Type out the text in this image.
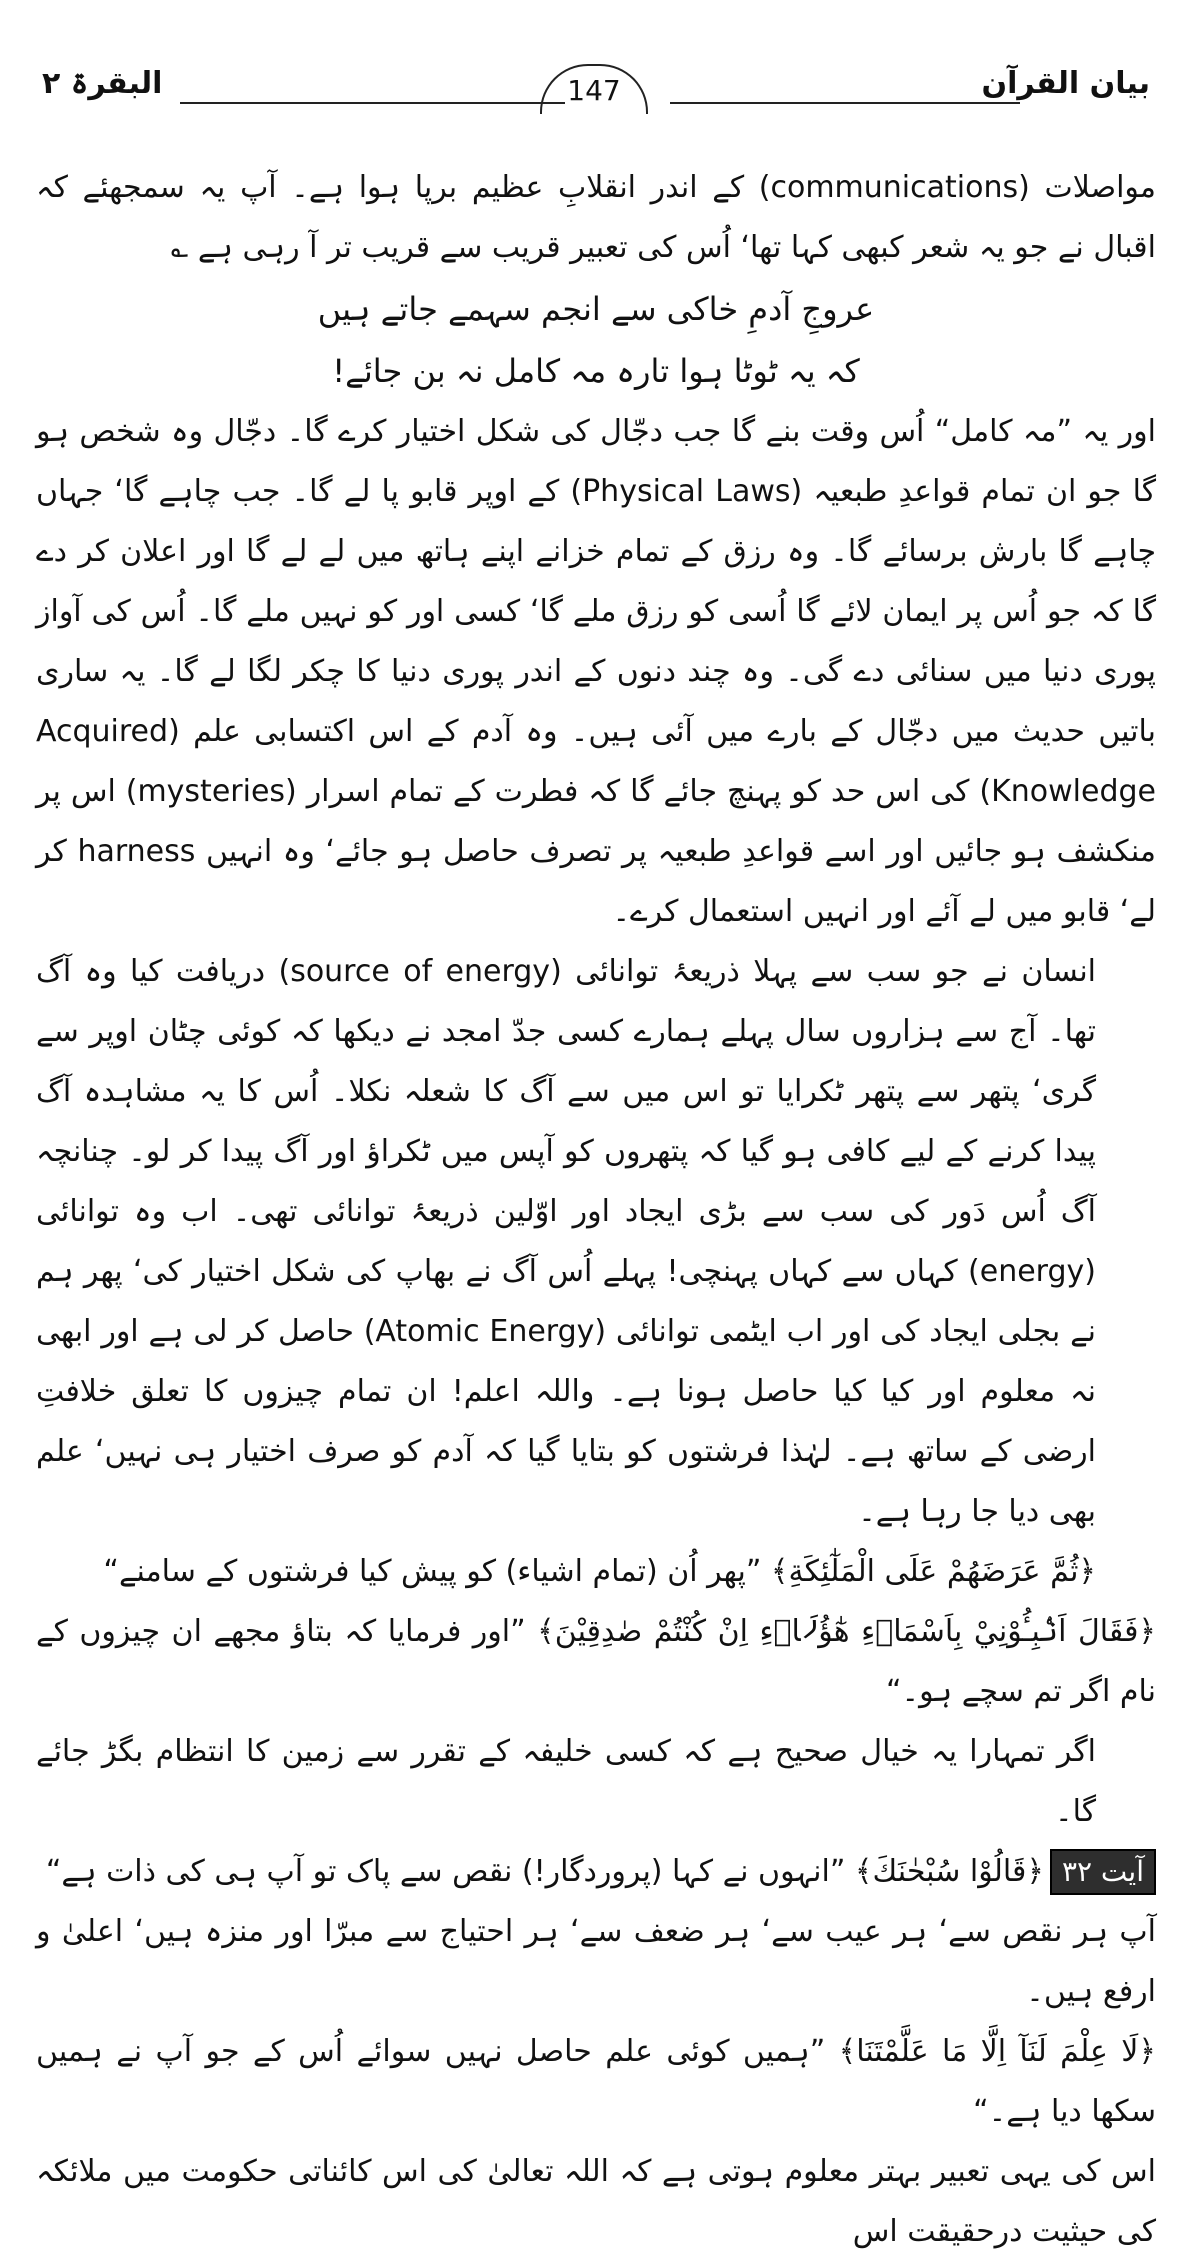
البقرۃ ۲	بیان القرآن
147

مواصلات (communications) کے اندر انقلابِ عظیم برپا ہوا ہے۔ آپ یہ سمجھئے کہ اقبال نے جو یہ شعر کبھی کہا تھا‘ اُس کی تعبیر قریب سے قریب تر آ رہی ہے ؎

عروجِ آدمِ خاکی سے انجم سہمے جاتے ہیں

کہ یہ ٹوٹا ہوا تارہ مہ کامل نہ بن جائے!

اور یہ ”مہ کامل“ اُس وقت بنے گا جب دجّال کی شکل اختیار کرے گا۔ دجّال وہ شخص ہو گا جو ان تمام قواعدِ طبعیہ (Physical Laws) کے اوپر قابو پا لے گا۔ جب چاہے گا‘ جہاں چاہے گا بارش برسائے گا۔ وہ رزق کے تمام خزانے اپنے ہاتھ میں لے لے گا اور اعلان کر دے گا کہ جو اُس پر ایمان لائے گا اُسی کو رزق ملے گا‘ کسی اور کو نہیں ملے گا۔ اُس کی آواز پوری دنیا میں سنائی دے گی۔ وہ چند دنوں کے اندر پوری دنیا کا چکر لگا لے گا۔ یہ ساری باتیں حدیث میں دجّال کے بارے میں آئی ہیں۔ وہ آدم کے اس اکتسابی علم (Acquired Knowledge) کی اس حد کو پہنچ جائے گا کہ فطرت کے تمام اسرار (mysteries) اس پر منکشف ہو جائیں اور اسے قواعدِ طبعیہ پر تصرف حاصل ہو جائے‘ وہ انہیں harness کر لے‘ قابو میں لے آئے اور انہیں استعمال کرے۔

انسان نے جو سب سے پہلا ذریعۂ توانائی (source of energy) دریافت کیا وہ آگ تھا۔ آج سے ہزاروں سال پہلے ہمارے کسی جدّ امجد نے دیکھا کہ کوئی چٹان اوپر سے گری‘ پتھر سے پتھر ٹکرایا تو اس میں سے آگ کا شعلہ نکلا۔ اُس کا یہ مشاہدہ آگ پیدا کرنے کے لیے کافی ہو گیا کہ پتھروں کو آپس میں ٹکراؤ اور آگ پیدا کر لو۔ چنانچہ آگ اُس دَور کی سب سے بڑی ایجاد اور اوّلین ذریعۂ توانائی تھی۔ اب وہ توانائی (energy) کہاں سے کہاں پہنچی! پہلے اُس آگ نے بھاپ کی شکل اختیار کی‘ پھر ہم نے بجلی ایجاد کی اور اب ایٹمی توانائی (Atomic Energy) حاصل کر لی ہے اور ابھی نہ معلوم اور کیا کیا حاصل ہونا ہے۔ واللہ اعلم! ان تمام چیزوں کا تعلق خلافتِ ارضی کے ساتھ ہے۔ لہٰذا فرشتوں کو بتایا گیا کہ آدم کو صرف اختیار ہی نہیں‘ علم بھی دیا جا رہا ہے۔

﴿ثُمَّ عَرَضَهُمْ عَلَى الْمَلٰٓئِكَةِ﴾ ”پھر اُن (تمام اشیاء) کو پیش کیا فرشتوں کے سامنے“

﴿فَقَالَ اَنْۢبِـُٔوْنِيْ بِاَسْمَاۗءِ هٰٓؤُلَاۗءِ اِنْ كُنْتُمْ صٰدِقِيْنَ﴾ ”اور فرمایا کہ بتاؤ مجھے ان چیزوں کے نام اگر تم سچے ہو۔“

اگر تمہارا یہ خیال صحیح ہے کہ کسی خلیفہ کے تقرر سے زمین کا انتظام بگڑ جائے گا۔

آیت ۳۲﴿قَالُوْا سُبْحٰنَكَ﴾ ”انہوں نے کہا (پروردگار!) نقص سے پاک تو آپ ہی کی ذات ہے“

آپ ہر نقص سے‘ ہر عیب سے‘ ہر ضعف سے‘ ہر احتیاج سے مبرّا اور منزہ ہیں‘ اعلیٰ و ارفع ہیں۔

﴿لَا عِلْمَ لَنَآ اِلَّا مَا عَلَّمْتَنَا﴾ ”ہمیں کوئی علم حاصل نہیں سوائے اُس کے جو آپ نے ہمیں سکھا دیا ہے۔“

اس کی یہی تعبیر بہتر معلوم ہوتی ہے کہ اللہ تعالیٰ کی اس کائناتی حکومت میں ملائکہ کی حیثیت درحقیقت اس
